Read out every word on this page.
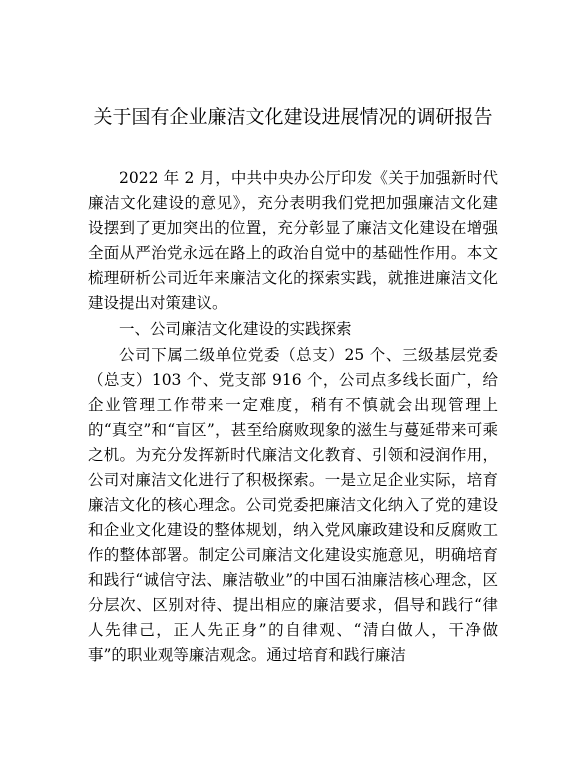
关于国有企业廉洁文化建设进展情况的调研报告

2022 年 2 月，中共中央办公厅印发《关于加强新时代廉洁文化建设的意见》，充分表明我们党把加强廉洁文化建设摆到了更加突出的位置，充分彰显了廉洁文化建设在增强全面从严治党永远在路上的政治自觉中的基础性作用。本文梳理研析公司近年来廉洁文化的探索实践，就推进廉洁文化建设提出对策建议。

一、公司廉洁文化建设的实践探索

公司下属二级单位党委（总支）25 个、三级基层党委（总支）103 个、党支部 916 个，公司点多线长面广，给企业管理工作带来一定难度，稍有不慎就会出现管理上的“真空”和“盲区”，甚至给腐败现象的滋生与蔓延带来可乘之机。为充分发挥新时代廉洁文化教育、引领和浸润作用，公司对廉洁文化进行了积极探索。一是立足企业实际，培育廉洁文化的核心理念。公司党委把廉洁文化纳入了党的建设和企业文化建设的整体规划，纳入党风廉政建设和反腐败工作的整体部署。制定公司廉洁文化建设实施意见，明确培育和践行“诚信守法、廉洁敬业”的中国石油廉洁核心理念，区分层次、区别对待、提出相应的廉洁要求，倡导和践行“律人先律己，正人先正身”的自律观、“清白做人，干净做事”的职业观等廉洁观念。通过培育和践行廉洁
